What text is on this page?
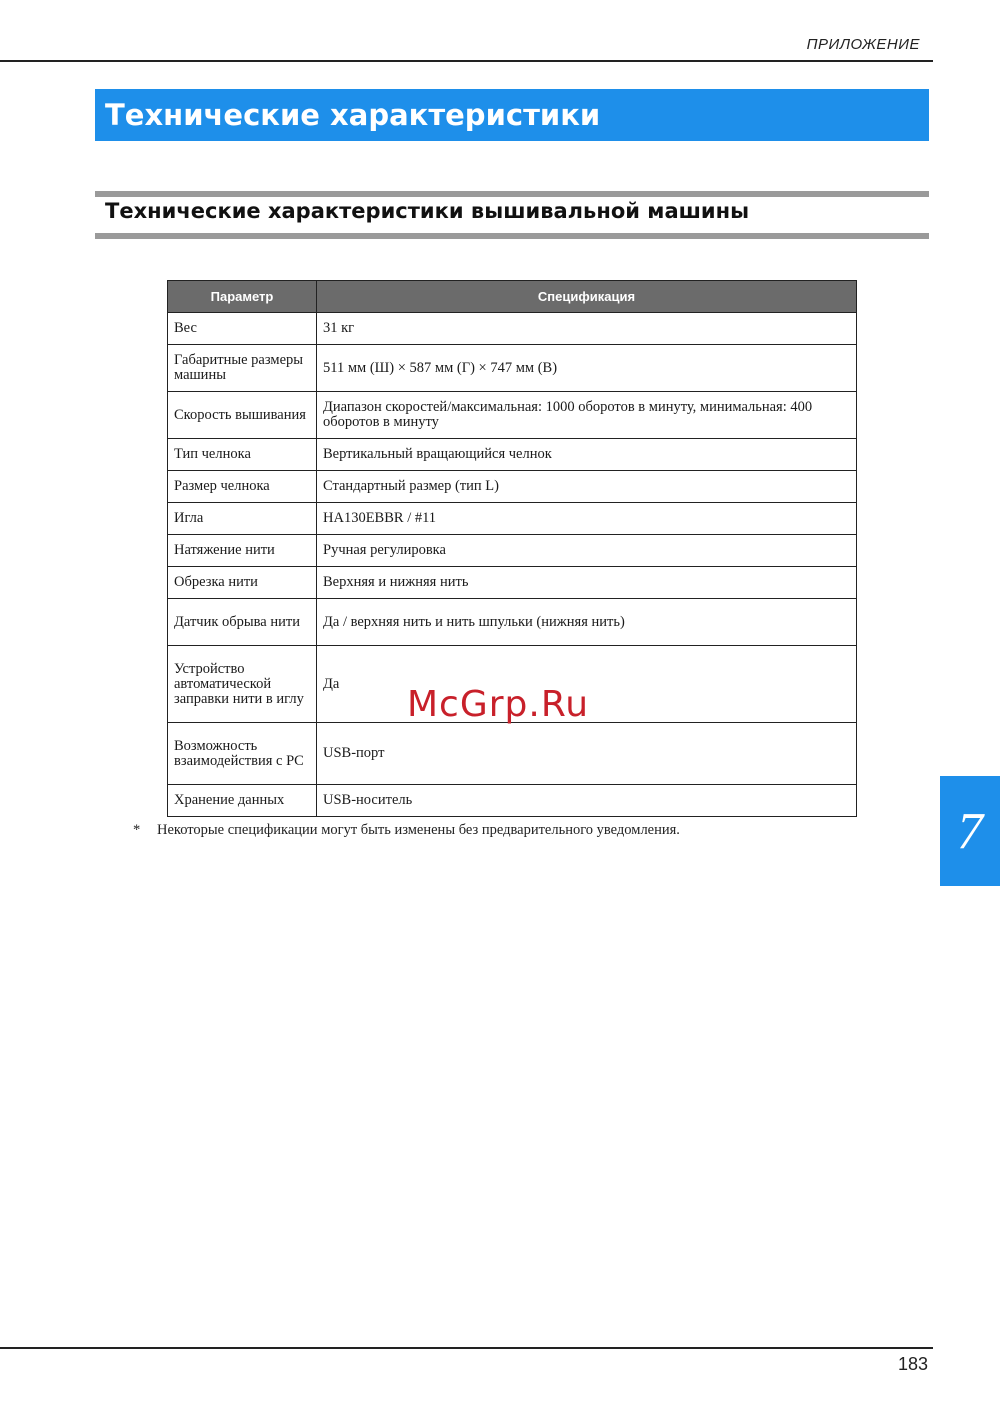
ПРИЛОЖЕНИЕ
Технические характеристики
Технические характеристики вышивальной машины
Параметр	Спецификация
Вес	31 кг
Габаритные размеры машины	511 мм (Ш) × 587 мм (Г) × 747 мм (В)
Скорость вышивания	Диапазон скоростей/максимальная: 1000 оборотов в минуту, минимальная: 400 оборотов в минуту
Тип челнока	Вертикальный вращающийся челнок
Размер челнока	Стандартный размер (тип L)
Игла	HA130EBBR / #11
Натяжение нити	Ручная регулировка
Обрезка нити	Верхняя и нижняя нить
Датчик обрыва нити	Да / верхняя нить и нить шпульки (нижняя нить)
Устройство автоматической заправки нити в иглу	Да
Возможность взаимодействия с PC	USB-порт
Хранение данных	USB-носитель
* Некоторые спецификации могут быть изменены без предварительного уведомления.
McGrp.Ru
7
183
